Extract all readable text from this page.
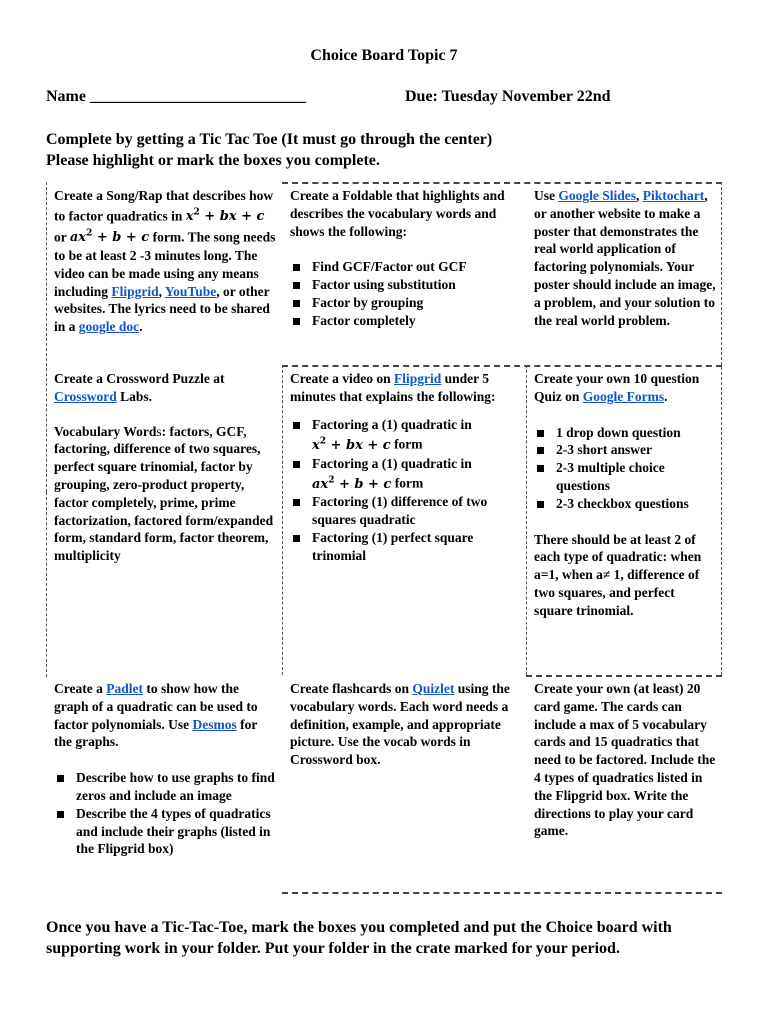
Choice Board Topic 7
Name ___________________________	Due: Tuesday November 22nd
Complete by getting a Tic Tac Toe (It must go through the center)
Please highlight or mark the boxes you complete.
Create a Song/Rap that describes how to factor quadratics in $x^2$ + bx + c or $ax^2 + b + c$ form. The song needs to be at least 2 -3 minutes long. The video can be made using any means including Flipgrid, YouTube, or other websites. The lyrics need to be shared in a google doc.
Create a Foldable that highlights and describes the vocabulary words and shows the following:
Find GCF/Factor out GCF
Factor using substitution
Factor by grouping
Factor completely
Use Google Slides, Piktochart, or another website to make a poster that demonstrates the real world application of factoring polynomials. Your poster should include an image, a problem, and your solution to the real world problem.
Create a Crossword Puzzle at Crossword Labs.
Vocabulary Words: factors, GCF, factoring, difference of two squares, perfect square trinomial, factor by grouping, zero-product property, factor completely, prime, prime factorization, factored form/expanded form, standard form, factor theorem, multiplicity
Create a video on Flipgrid under 5 minutes that explains the following:
Factoring a (1) quadratic in
$x^2$ + bx + c form
Factoring a (1) quadratic in
$ax^2 + b + c$ form
Factoring (1) difference of two squares quadratic
Factoring (1) perfect square trinomial
Create your own 10 question Quiz on Google Forms.
1 drop down question
2-3 short answer
2-3 multiple choice questions
2-3 checkbox questions
There should be at least 2 of each type of quadratic: when a=1, when a≠ 1, difference of two squares, and perfect square trinomial.
Create a Padlet to show how the graph of a quadratic can be used to factor polynomials. Use Desmos for the graphs.
Describe how to use graphs to find zeros and include an image
Describe the 4 types of quadratics and include their graphs (listed in the Flipgrid box)
Create flashcards on Quizlet using the vocabulary words. Each word needs a definition, example, and appropriate picture. Use the vocab words in Crossword box.
Create your own (at least) 20 card game. The cards can include a max of 5 vocabulary cards and 15 quadratics that need to be factored. Include the 4 types of quadratics listed in the Flipgrid box. Write the directions to play your card game.
Once you have a Tic-Tac-Toe, mark the boxes you completed and put the Choice board with supporting work in your folder. Put your folder in the crate marked for your period.
